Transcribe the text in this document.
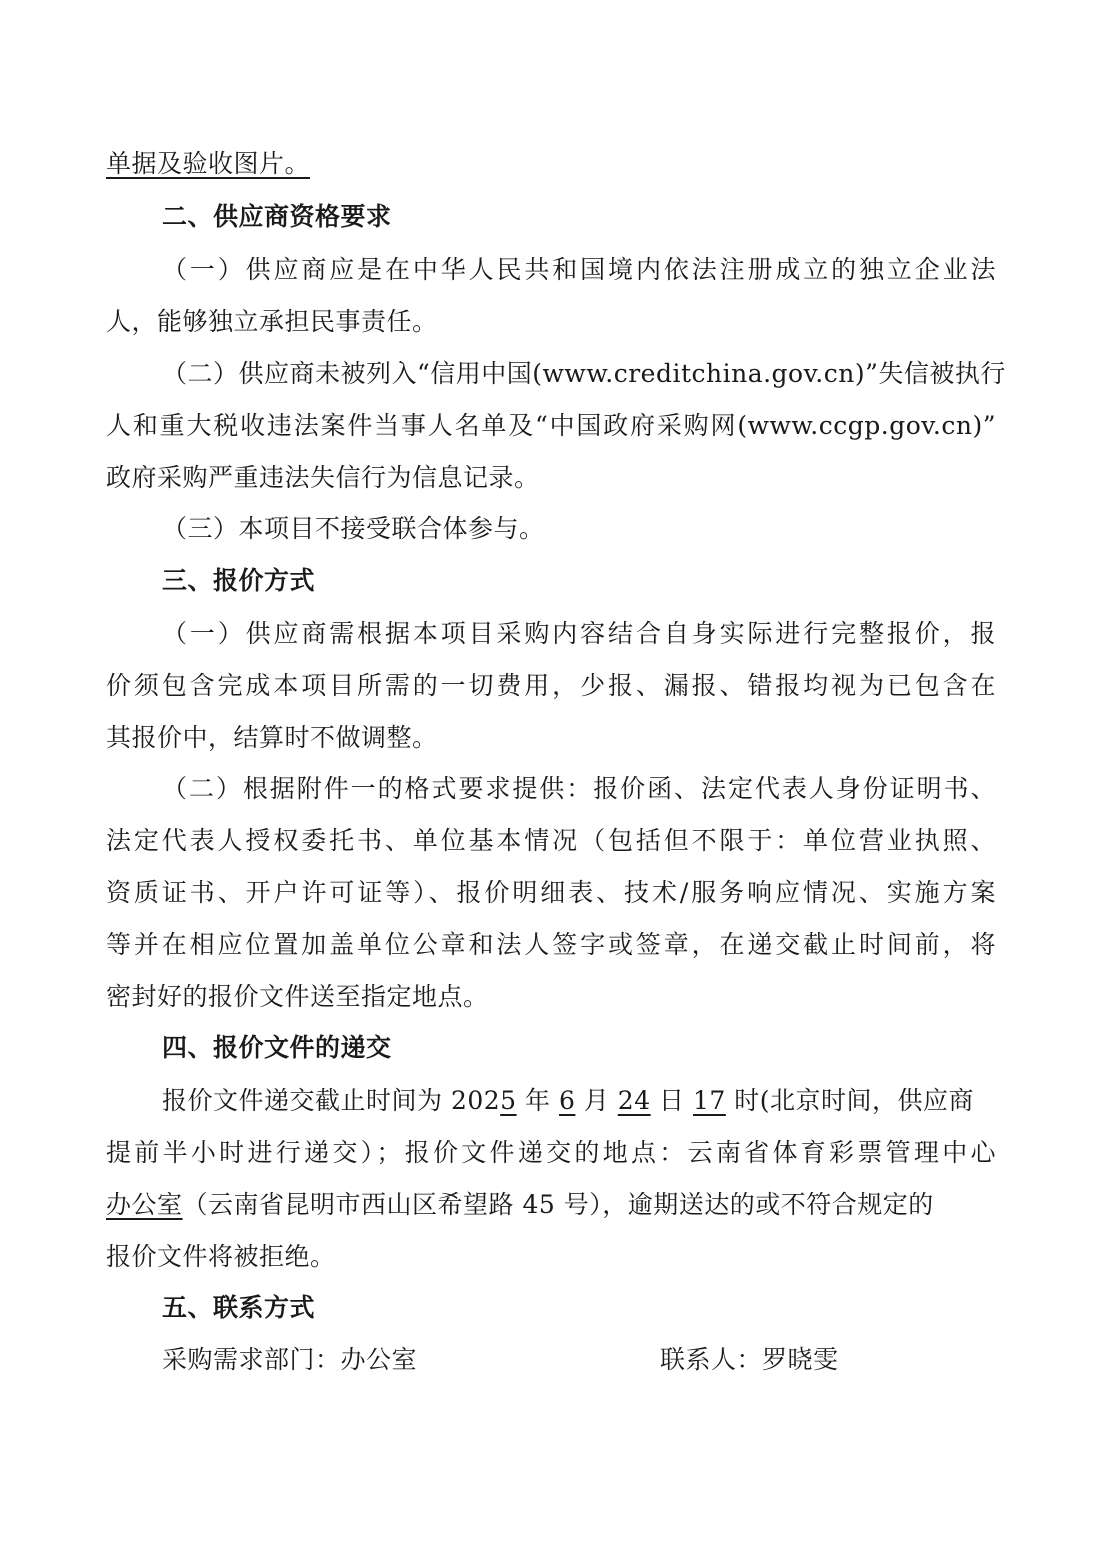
单据及验收图片。
二、供应商资格要求
（一）供应商应是在中华人民共和国境内依法注册成立的独立企业法
人，能够独立承担民事责任。
（二）供应商未被列入“信用中国(www.creditchina.gov.cn)”失信被执行
人和重大税收违法案件当事人名单及“中国政府采购网(www.ccgp.gov.cn)”
政府采购严重违法失信行为信息记录。
（三）本项目不接受联合体参与。
三、报价方式
（一）供应商需根据本项目采购内容结合自身实际进行完整报价，报
价须包含完成本项目所需的一切费用，少报、漏报、错报均视为已包含在
其报价中，结算时不做调整。
（二）根据附件一的格式要求提供：报价函、法定代表人身份证明书、
法定代表人授权委托书、单位基本情况（包括但不限于：单位营业执照、
资质证书、开户许可证等）、报价明细表、技术/服务响应情况、实施方案
等并在相应位置加盖单位公章和法人签字或签章，在递交截止时间前，将
密封好的报价文件送至指定地点。
四、报价文件的递交
报价文件递交截止时间为 2025 年 6 月 24 日 17 时(北京时间，供应商
提前半小时进行递交）；报价文件递交的地点：云南省体育彩票管理中心
办公室（云南省昆明市西山区希望路 45 号），逾期送达的或不符合规定的
报价文件将被拒绝。
五、联系方式
采购需求部门：办公室	联系人：罗晓雯
